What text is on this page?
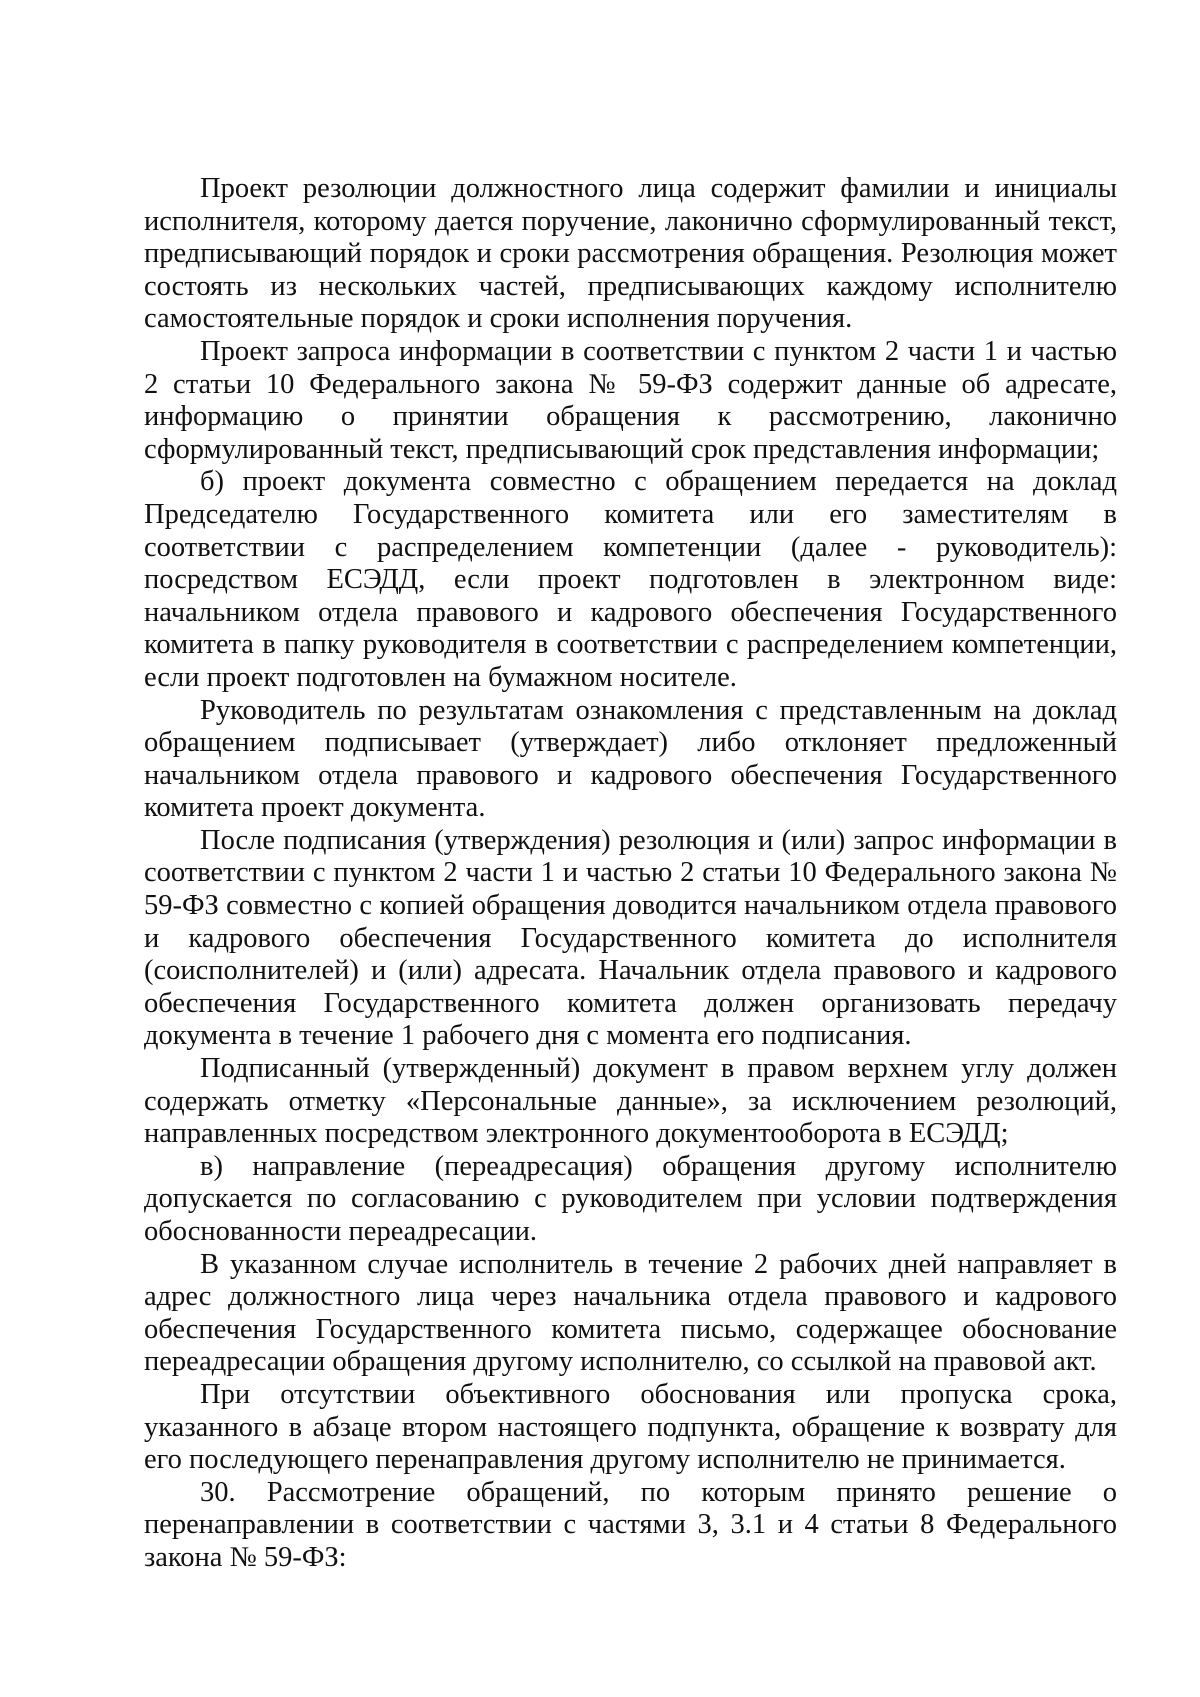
Проект резолюции должностного лица содержит фамилии и инициалы исполнителя, которому дается поручение, лаконично сформулированный текст, предписывающий порядок и сроки рассмотрения обращения. Резолюция может состоять из нескольких частей, предписывающих каждому исполнителю самостоятельные порядок и сроки исполнения поручения.

Проект запроса информации в соответствии с пунктом 2 части 1 и частью 2 статьи 10 Федерального закона № 59-ФЗ содержит данные об адресате, информацию о принятии обращения к рассмотрению, лаконично сформулированный текст, предписывающий срок представления информации;

б) проект документа совместно с обращением передается на доклад Председателю Государственного комитета или его заместителям в соответствии с распределением компетенции (далее - руководитель): посредством ЕСЭДД, если проект подготовлен в электронном виде: начальником отдела правового и кадрового обеспечения Государственного комитета в папку руководителя в соответствии с распределением компетенции, если проект подготовлен на бумажном носителе.

Руководитель по результатам ознакомления с представленным на доклад обращением подписывает (утверждает) либо отклоняет предложенный начальником отдела правового и кадрового обеспечения Государственного комитета проект документа.

После подписания (утверждения) резолюция и (или) запрос информации в соответствии с пунктом 2 части 1 и частью 2 статьи 10 Федерального закона № 59-ФЗ совместно с копией обращения доводится начальником отдела правового и кадрового обеспечения Государственного комитета до исполнителя (соисполнителей) и (или) адресата. Начальник отдела правового и кадрового обеспечения Государственного комитета должен организовать передачу документа в течение 1 рабочего дня с момента его подписания.

Подписанный (утвержденный) документ в правом верхнем углу должен содержать отметку «Персональные данные», за исключением резолюций, направленных посредством электронного документооборота в ЕСЭДД;

в) направление (переадресация) обращения другому исполнителю допускается по согласованию с руководителем при условии подтверждения обоснованности переадресации.

В указанном случае исполнитель в течение 2 рабочих дней направляет в адрес должностного лица через начальника отдела правового и кадрового обеспечения Государственного комитета письмо, содержащее обоснование переадресации обращения другому исполнителю, со ссылкой на правовой акт.

При отсутствии объективного обоснования или пропуска срока, указанного в абзаце втором настоящего подпункта, обращение к возврату для его последующего перенаправления другому исполнителю не принимается.

30. Рассмотрение обращений, по которым принято решение о перенаправлении в соответствии с частями 3, 3.1 и 4 статьи 8 Федерального закона № 59-ФЗ:
